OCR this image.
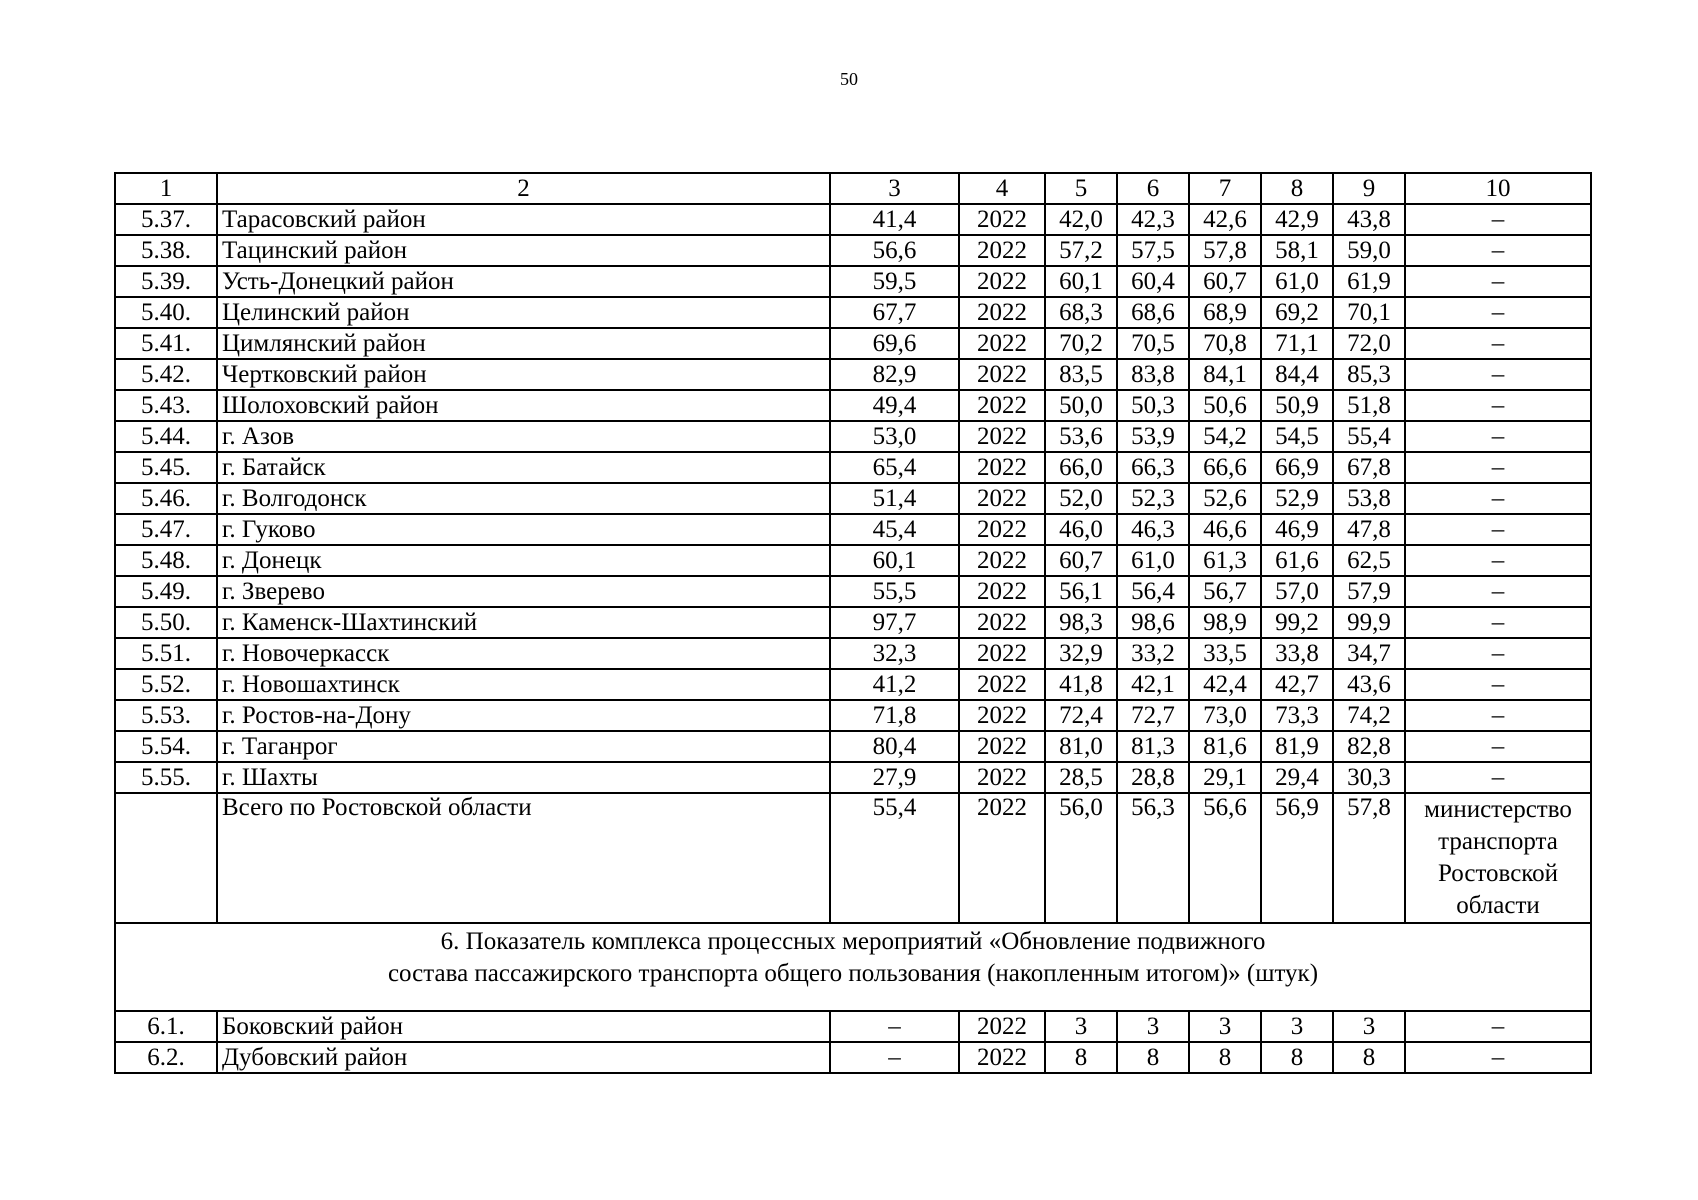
50
1	2	3	4	5	6	7	8	9	10
5.37.	Тарасовский район	41,4	2022	42,0	42,3	42,6	42,9	43,8	–
5.38.	Тацинский район	56,6	2022	57,2	57,5	57,8	58,1	59,0	–
5.39.	Усть-Донецкий район	59,5	2022	60,1	60,4	60,7	61,0	61,9	–
5.40.	Целинский район	67,7	2022	68,3	68,6	68,9	69,2	70,1	–
5.41.	Цимлянский район	69,6	2022	70,2	70,5	70,8	71,1	72,0	–
5.42.	Чертковский район	82,9	2022	83,5	83,8	84,1	84,4	85,3	–
5.43.	Шолоховский район	49,4	2022	50,0	50,3	50,6	50,9	51,8	–
5.44.	г. Азов	53,0	2022	53,6	53,9	54,2	54,5	55,4	–
5.45.	г. Батайск	65,4	2022	66,0	66,3	66,6	66,9	67,8	–
5.46.	г. Волгодонск	51,4	2022	52,0	52,3	52,6	52,9	53,8	–
5.47.	г. Гуково	45,4	2022	46,0	46,3	46,6	46,9	47,8	–
5.48.	г. Донецк	60,1	2022	60,7	61,0	61,3	61,6	62,5	–
5.49.	г. Зверево	55,5	2022	56,1	56,4	56,7	57,0	57,9	–
5.50.	г. Каменск-Шахтинский	97,7	2022	98,3	98,6	98,9	99,2	99,9	–
5.51.	г. Новочеркасск	32,3	2022	32,9	33,2	33,5	33,8	34,7	–
5.52.	г. Новошахтинск	41,2	2022	41,8	42,1	42,4	42,7	43,6	–
5.53.	г. Ростов-на-Дону	71,8	2022	72,4	72,7	73,0	73,3	74,2	–
5.54.	г. Таганрог	80,4	2022	81,0	81,3	81,6	81,9	82,8	–
5.55.	г. Шахты	27,9	2022	28,5	28,8	29,1	29,4	30,3	–
	Всего по Ростовской области	55,4	2022	56,0	56,3	56,6	56,9	57,8	министерство транспорта Ростовской области

6. Показатель комплекса процессных мероприятий «Обновление подвижного
состава пассажирского транспорта общего пользования (накопленным итогом)» (штук)									

6.1.	Боковский район	–	2022	3	3	3	3	3	–
6.2.	Дубовский район	–	2022	8	8	8	8	8	–
